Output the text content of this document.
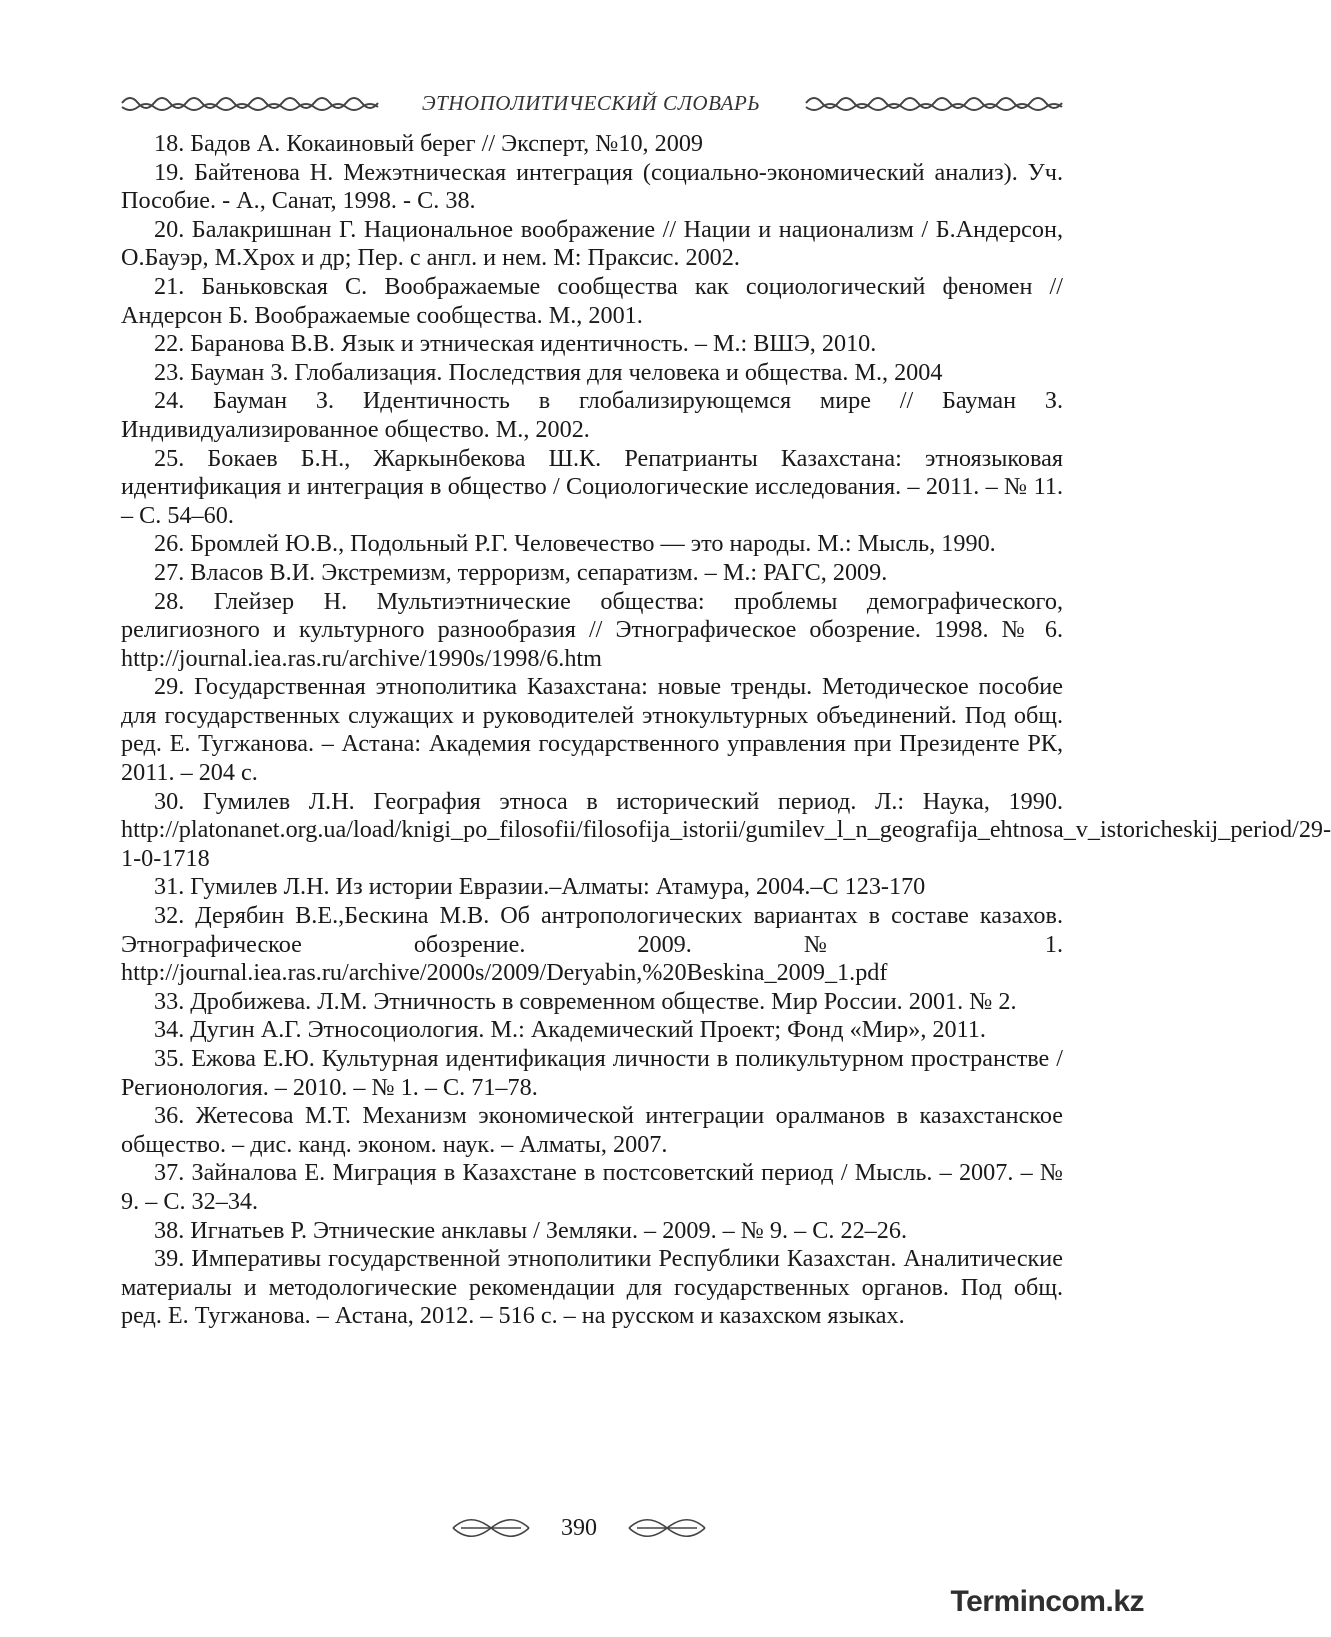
ЭТНОПОЛИТИЧЕСКИЙ СЛОВАРЬ

18. Бадов А. Кокаиновый берег // Эксперт, №10, 2009

19. Байтенова Н. Межэтническая интеграция (социально-экономический анализ). Уч. Пособие. - А., Санат, 1998. - С. 38.

20. Балакришнан Г. Национальное воображение // Нации и национализм / Б.Андерсон, О.Бауэр, М.Хрох и др; Пер. с англ. и нем. М: Праксис. 2002.

21. Баньковская С. Воображаемые сообщества как социологический феномен // Андерсон Б. Воображаемые сообщества. М., 2001.

22. Баранова В.В. Язык и этническая идентичность. – М.: ВШЭ, 2010.

23. Бауман З. Глобализация. Последствия для человека и общества. М., 2004

24. Бауман З. Идентичность в глобализирующемся мире // Бауман З. Индивидуализированное общество. М., 2002.

25. Бокаев Б.Н., Жаркынбекова Ш.К. Репатрианты Казахстана: этноязыковая идентификация и интеграция в общество / Социологические исследования. – 2011. – № 11. – С. 54–60.

26. Бромлей Ю.В., Подольный Р.Г. Человечество — это народы. М.: Мысль, 1990.

27. Власов В.И. Экстремизм, терроризм, сепаратизм. – М.: РАГС, 2009.

28. Глейзер Н. Мультиэтнические общества: проблемы демографического, религиозного и культурного разнообразия // Этнографическое обозрение. 1998. № 6. http://journal.iea.ras.ru/archive/1990s/1998/6.htm

29. Государственная этнополитика Казахстана: новые тренды. Методическое пособие для государственных служащих и руководителей этнокультурных объединений. Под общ. ред. Е. Тугжанова. – Астана: Академия государственного управления при Президенте РК, 2011. – 204 с.

30. Гумилев Л.Н. География этноса в исторический период. Л.: Наука, 1990. http://platonanet.org.ua/load/knigi_po_filosofii/filosofija_istorii/gumilev_l_n_geografija_ehtnosa_v_istoricheskij_period/29-1-0-1718

31. Гумилев Л.Н. Из истории Евразии.–Алматы: Атамура, 2004.–С 123-170

32. Дерябин В.Е.,Бескина М.В. Об антропологических вариантах в составе казахов. Этнографическое обозрение. 2009. № 1. http://journal.iea.ras.ru/archive/2000s/2009/Deryabin,%20Beskina_2009_1.pdf

33. Дробижева. Л.М. Этничность в современном обществе. Мир России. 2001. № 2.

34. Дугин А.Г. Этносоциология. М.: Академический Проект; Фонд «Мир», 2011.

35. Ежова Е.Ю. Культурная идентификация личности в поликультурном пространстве / Регионология. – 2010. – № 1. – С. 71–78.

36. Жетесова М.Т. Механизм экономической интеграции оралманов в казахстанское общество. – дис. канд. эконом. наук. – Алматы, 2007.

37. Зайналова Е. Миграция в Казахстане в постсоветский период / Мысль. – 2007. – № 9. – С. 32–34.

38. Игнатьев Р. Этнические анклавы / Земляки. – 2009. – № 9. – С. 22–26.

39. Императивы государственной этнополитики Республики Казахстан. Аналитические материалы и методологические рекомендации для государственных органов. Под общ. ред. Е. Тугжанова. – Астана, 2012. – 516 с. – на русском и казахском языках.

390
Termincom.kz
